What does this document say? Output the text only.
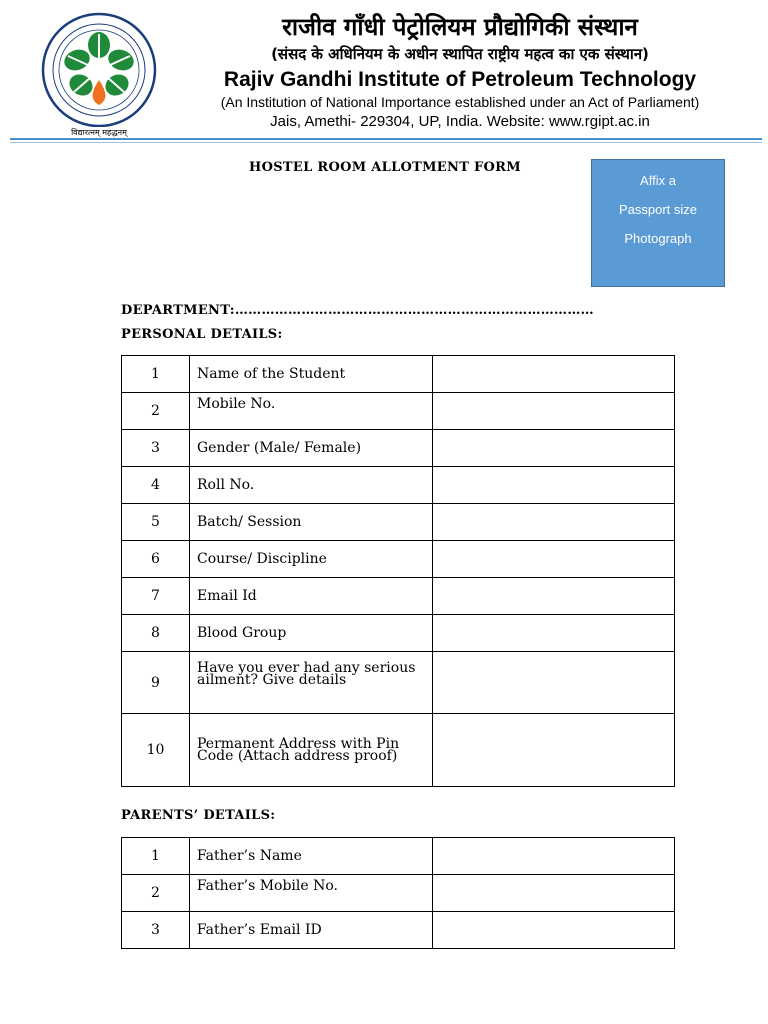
विद्यारत्नम् महद्धनम्
राजीव गाँधी पेट्रोलियम प्रौद्योगिकी संस्थान
(संसद के अधिनियम के अधीन स्थापित राष्ट्रीय महत्व का एक संस्थान)
Rajiv Gandhi Institute of Petroleum Technology
(An Institution of National Importance established under an Act of Parliament)
Jais, Amethi- 229304, UP, India. Website: www.rgipt.ac.in
HOSTEL ROOM ALLOTMENT FORM
Affix a
Passport size
Photograph
DEPARTMENT:………………………………………………………………………
PERSONAL DETAILS:
1	Name of the Student	
2	Mobile No.	
3	Gender (Male/ Female)	
4	Roll No.	
5	Batch/ Session	
6	Course/ Discipline	
7	Email Id	
8	Blood Group	
9	Have you ever had any serious ailment? Give details	
10	Permanent Address with Pin Code (Attach address proof)	
PARENTS’ DETAILS:
1	Father’s Name	
2	Father’s Mobile No.	
3	Father’s Email ID	
